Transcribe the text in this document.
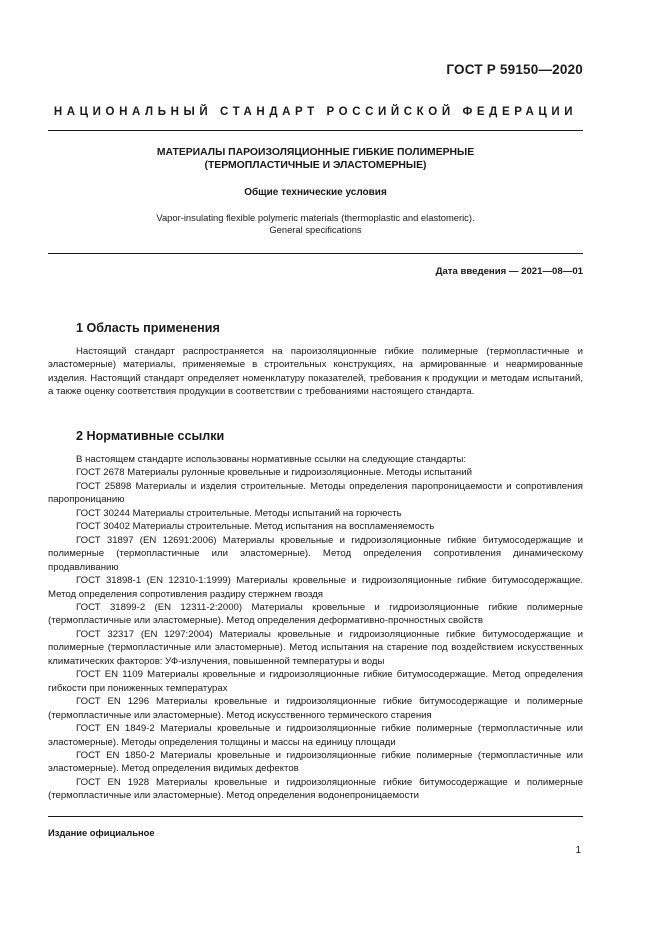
ГОСТ Р 59150—2020
НАЦИОНАЛЬНЫЙ СТАНДАРТ РОССИЙСКОЙ ФЕДЕРАЦИИ
МАТЕРИАЛЫ ПАРОИЗОЛЯЦИОННЫЕ ГИБКИЕ ПОЛИМЕРНЫЕ
(ТЕРМОПЛАСТИЧНЫЕ И ЭЛАСТОМЕРНЫЕ)
Общие технические условия
Vapor-insulating flexible polymeric materials (thermoplastic and elastomeric).
General specifications
Дата введения — 2021—08—01
1 Область применения

Настоящий стандарт распространяется на пароизоляционные гибкие полимерные (термопластичные и эластомерные) материалы, применяемые в строительных конструкциях, на армированные и неармированные изделия. Настоящий стандарт определяет номенклатуру показателей, требования к продукции и методам испытаний, а также оценку соответствия продукции в соответствии с требованиями настоящего стандарта.

2 Нормативные ссылки

В настоящем стандарте использованы нормативные ссылки на следующие стандарты:

ГОСТ 2678 Материалы рулонные кровельные и гидроизоляционные. Методы испытаний

ГОСТ 25898 Материалы и изделия строительные. Методы определения паропроницаемости и сопротивления паропроницанию

ГОСТ 30244 Материалы строительные. Методы испытаний на горючесть

ГОСТ 30402 Материалы строительные. Метод испытания на воспламеняемость

ГОСТ 31897 (EN 12691:2006) Материалы кровельные и гидроизоляционные гибкие битумосодержащие и полимерные (термопластичные или эластомерные). Метод определения сопротивления динамическому продавливанию

ГОСТ 31898-1 (EN 12310-1:1999) Материалы кровельные и гидроизоляционные гибкие битумосодержащие. Метод определения сопротивления раздиру стержнем гвоздя

ГОСТ 31899-2 (EN 12311-2:2000) Материалы кровельные и гидроизоляционные гибкие полимерные (термопластичные или эластомерные). Метод определения деформативно-прочностных свойств

ГОСТ 32317 (EN 1297:2004) Материалы кровельные и гидроизоляционные гибкие битумосодержащие и полимерные (термопластичные или эластомерные). Метод испытания на старение под воздействием искусственных климатических факторов: УФ-излучения, повышенной температуры и воды

ГОСТ EN 1109 Материалы кровельные и гидроизоляционные гибкие битумосодержащие. Метод определения гибкости при пониженных температурах

ГОСТ EN 1296 Материалы кровельные и гидроизоляционные гибкие битумосодержащие и полимерные (термопластичные или эластомерные). Метод искусственного термического старения

ГОСТ EN 1849-2 Материалы кровельные и гидроизоляционные гибкие полимерные (термопластичные или эластомерные). Методы определения толщины и массы на единицу площади

ГОСТ EN 1850-2 Материалы кровельные и гидроизоляционные гибкие полимерные (термопластичные или эластомерные). Метод определения видимых дефектов

ГОСТ EN 1928 Материалы кровельные и гидроизоляционные гибкие битумосодержащие и полимерные (термопластичные или эластомерные). Метод определения водонепроницаемости

Издание официальное
1
